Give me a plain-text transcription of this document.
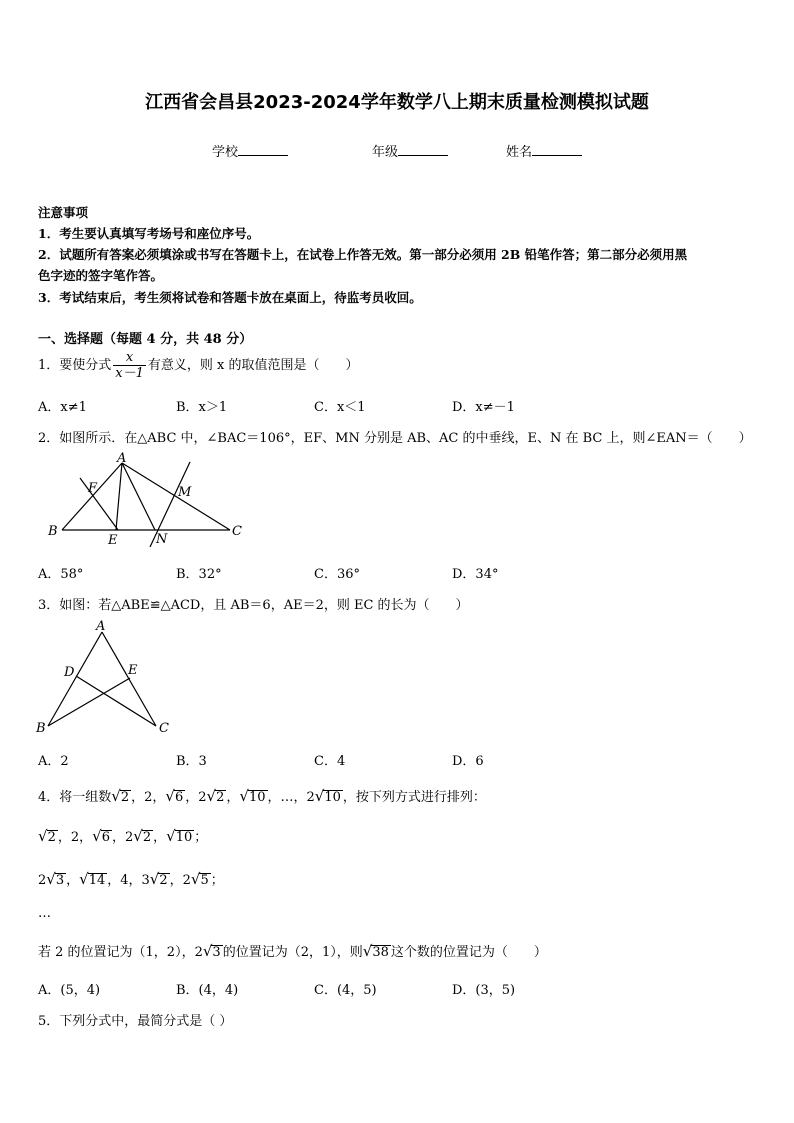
江西省会昌县2023-2024学年数学八上期末质量检测模拟试题
学校	年级	姓名
注意事项
1．考生要认真填写考场号和座位序号。
2．试题所有答案必须填涂或书写在答题卡上，在试卷上作答无效。第一部分必须用 2B 铅笔作答；第二部分必须用黑
色字迹的签字笔作答。
3．考试结束后，考生须将试卷和答题卡放在桌面上，待监考员收回。
一、选择题（每题 4 分，共 48 分）
1．要使分式 $\frac{x}{x-1}$ 有意义，则 x 的取值范围是（　　）
A．x≠1	B．x＞1	C．x＜1	D．x≠－1
2．如图所示．在△ABC 中，∠BAC＝106°，EF、MN 分别是 AB、AC 的中垂线，E、N 在 BC 上，则∠EAN＝（　　）
A
B	C
E
F	M
N
A．58°	B．32°	C．36°	D．34°
3．如图：若△ABE≌△ACD，且 AB＝6，AE＝2，则 EC 的长为（　　）
A
B	C
D	E
A．2	B．3	C．4	D．6
4．将一组数√2 ，2，√6 ，2√2 ，√10 ，…，2√10 ，按下列方式进行排列：
√2 ，2，√6 ，2√2 ，√10 ；
2√3 ，√14 ，4，3√2 ，2√5 ；
…
若 2 的位置记为（1，2），2√3 的位置记为（2，1），则√38 这个数的位置记为（　　）
A．(5，4)	B．(4，4)	C．(4，5)	D．(3，5)
5．下列分式中，最简分式是（ ）
